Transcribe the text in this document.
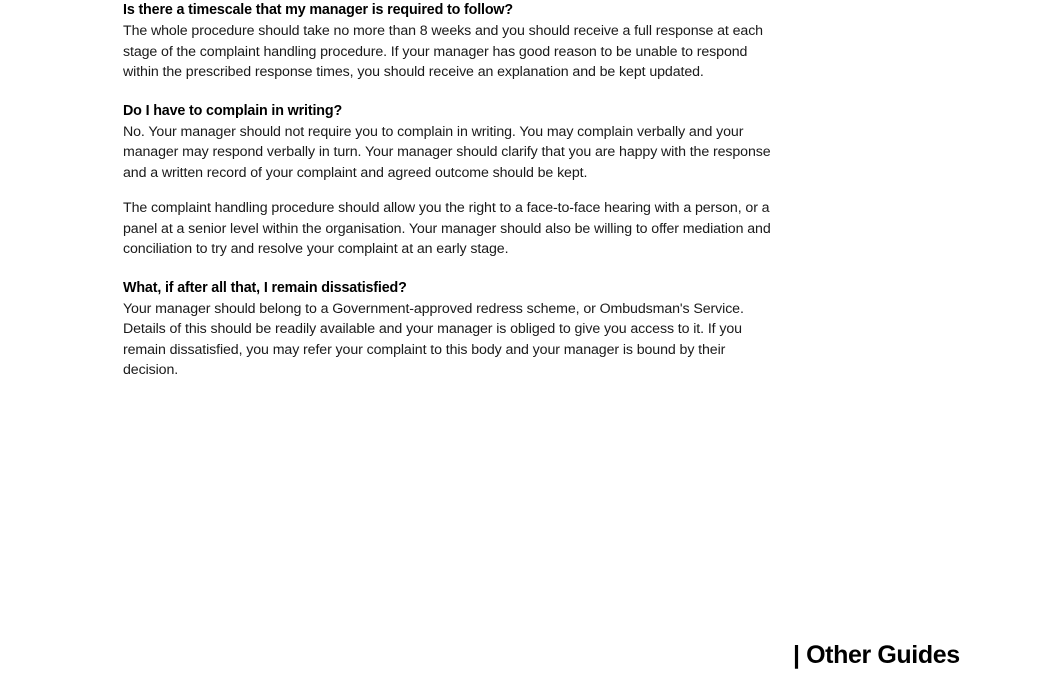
Is there a timescale that my manager is required to follow?

The whole procedure should take no more than 8 weeks and you should receive a full response at each stage of the complaint handling procedure. If your manager has good reason to be unable to respond within the prescribed response times, you should receive an explanation and be kept updated.

Do I have to complain in writing?

No. Your manager should not require you to complain in writing. You may complain verbally and your manager may respond verbally in turn. Your manager should clarify that you are happy with the response and a written record of your complaint and agreed outcome should be kept.

The complaint handling procedure should allow you the right to a face-to-face hearing with a person, or a panel at a senior level within the organisation. Your manager should also be willing to offer mediation and conciliation to try and resolve your complaint at an early stage.

What, if after all that, I remain dissatisfied?

Your manager should belong to a Government-approved redress scheme, or Ombudsman's Service. Details of this should be readily available and your manager is obliged to give you access to it. If you remain dissatisfied, you may refer your complaint to this body and your manager is bound by their decision.

| Other Guides
